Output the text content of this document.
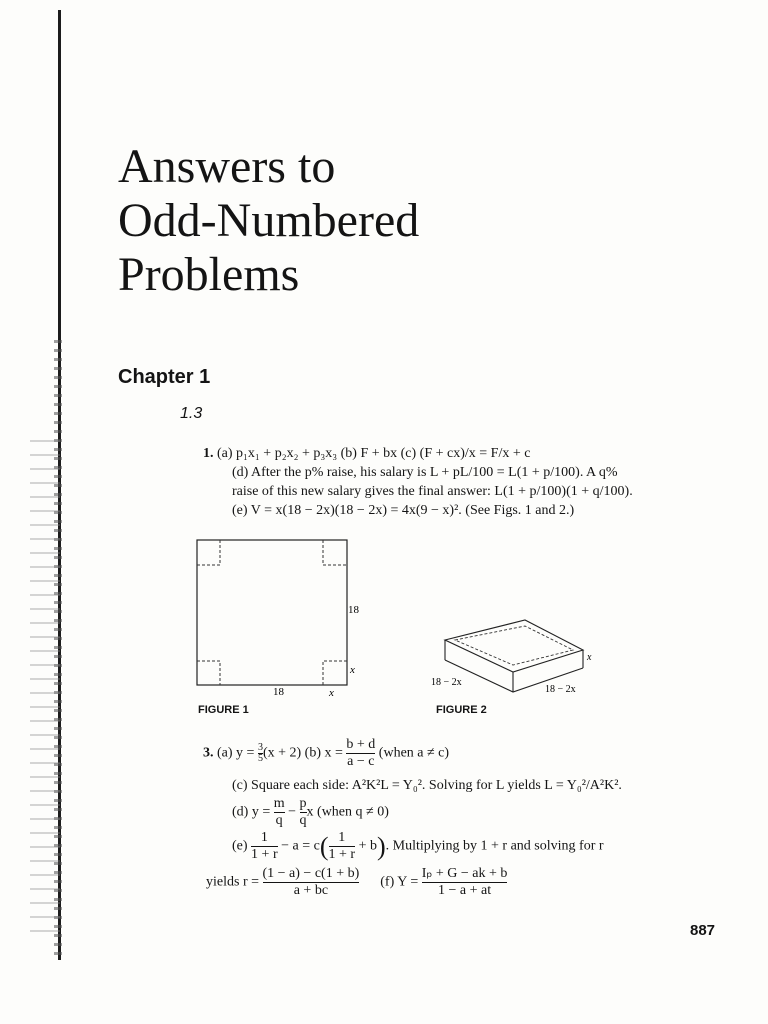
Answers to
Odd-Numbered
Problems
Chapter 1
1.3
1. (a) p₁x₁ + p₂x₂ + p₃x₃ (b) F + bx (c) (F + cx)/x = F/x + c
(d) After the p% raise, his salary is L + pL/100 = L(1 + p/100). A q%
raise of this new salary gives the final answer: L(1 + p/100)(1 + q/100).
(e) V = x(18 − 2x)(18 − 2x) = 4x(9 − x)². (See Figs. 1 and 2.)
18
x
18	x
FIGURE 1
x
18 − 2x
18 − 2x
FIGURE 2
3. (a) $y = \frac{3}{5} (x + 2)$ (b) $x = \frac{b + d}{a - c}$ (when a ≠ c)
(c) Square each side: A²K²L = Y₀². Solving for L yields L = Y₀²/A²K².
(d) $y = \frac{m}{q} - \frac{p}{q}$ x (when q ≠ 0)
$(e) \frac{1}{1 + r} - a = c( \frac{1}{1 + r} + b)$. Multiplying by 1 + r and solving for r
yields $r = \frac{(1 - a) - c(1 + b)}{a + bc} (f) Y = \frac{\text{Iₚ + G − ak + b}}{1 - a + at}$
887
